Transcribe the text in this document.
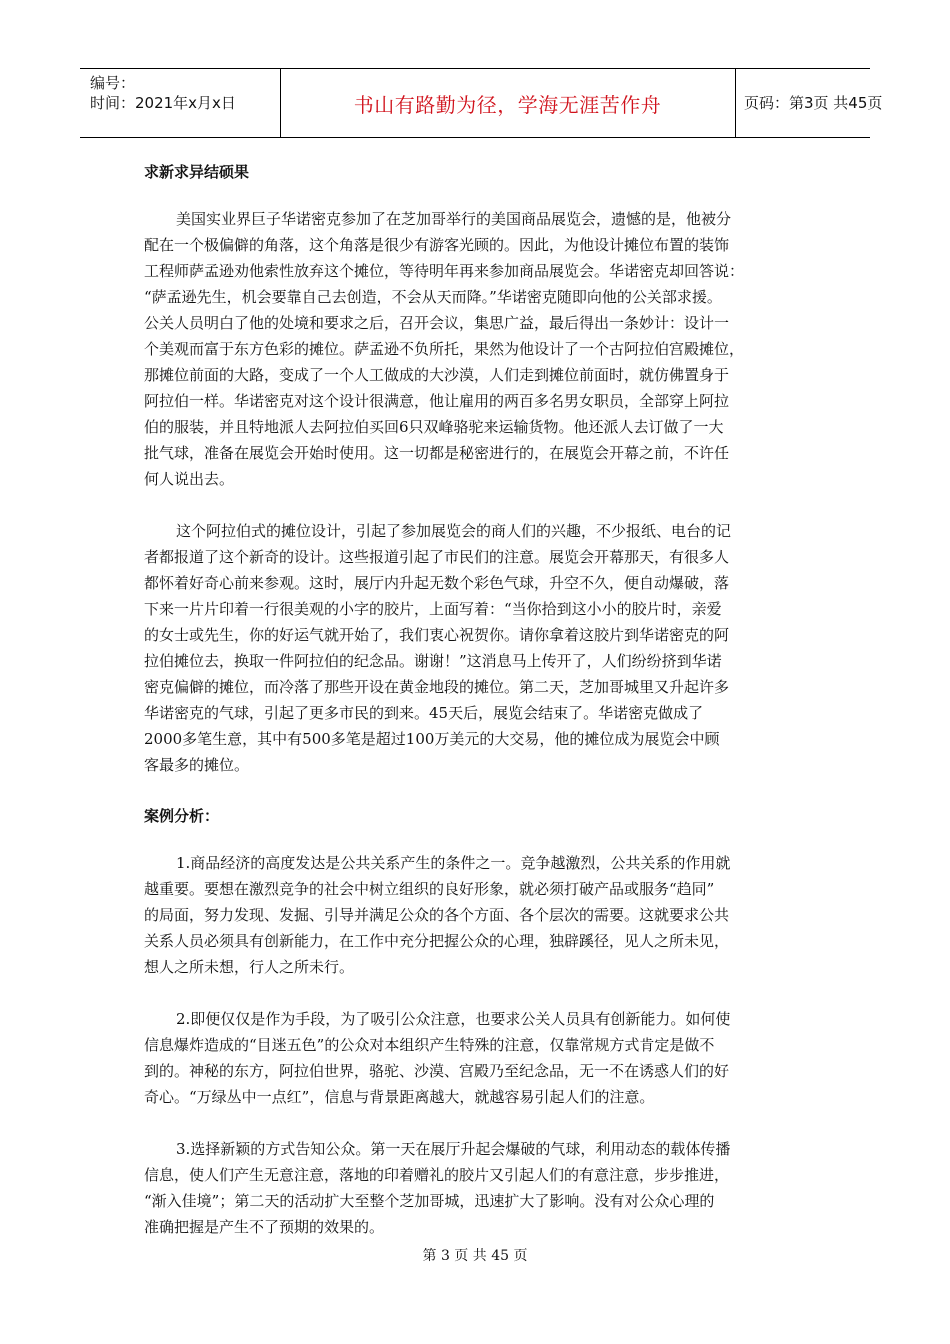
编号：
时间：2021年x月x日	书山有路勤为径，学海无涯苦作舟	页码：第3页 共45页

求新求异结硕果

美国实业界巨子华诺密克参加了在芝加哥举行的美国商品展览会，遗憾的是，他被分
配在一个极偏僻的角落，这个角落是很少有游客光顾的。因此，为他设计摊位布置的装饰
工程师萨孟逊劝他索性放弃这个摊位，等待明年再来参加商品展览会。华诺密克却回答说：
“萨孟逊先生，机会要靠自己去创造，不会从天而降。”华诺密克随即向他的公关部求援。
公关人员明白了他的处境和要求之后，召开会议，集思广益，最后得出一条妙计：设计一
个美观而富于东方色彩的摊位。萨孟逊不负所托，果然为他设计了一个古阿拉伯宫殿摊位，
那摊位前面的大路，变成了一个人工做成的大沙漠，人们走到摊位前面时，就仿佛置身于
阿拉伯一样。华诺密克对这个设计很满意，他让雇用的两百多名男女职员，全部穿上阿拉
伯的服装，并且特地派人去阿拉伯买回6只双峰骆驼来运输货物。他还派人去订做了一大
批气球，准备在展览会开始时使用。这一切都是秘密进行的，在展览会开幕之前，不许任
何人说出去。

这个阿拉伯式的摊位设计，引起了参加展览会的商人们的兴趣，不少报纸、电台的记
者都报道了这个新奇的设计。这些报道引起了市民们的注意。展览会开幕那天，有很多人
都怀着好奇心前来参观。这时，展厅内升起无数个彩色气球，升空不久，便自动爆破，落
下来一片片印着一行很美观的小字的胶片，上面写着：“当你拾到这小小的胶片时，亲爱
的女士或先生，你的好运气就开始了，我们衷心祝贺你。请你拿着这胶片到华诺密克的阿
拉伯摊位去，换取一件阿拉伯的纪念品。谢谢！”这消息马上传开了，人们纷纷挤到华诺
密克偏僻的摊位，而冷落了那些开设在黄金地段的摊位。第二天，芝加哥城里又升起许多
华诺密克的气球，引起了更多市民的到来。45天后，展览会结束了。华诺密克做成了
2000多笔生意，其中有500多笔是超过100万美元的大交易，他的摊位成为展览会中顾
客最多的摊位。

案例分析：

1.商品经济的高度发达是公共关系产生的条件之一。竞争越激烈，公共关系的作用就
越重要。要想在激烈竞争的社会中树立组织的良好形象，就必须打破产品或服务“趋同”
的局面，努力发现、发掘、引导并满足公众的各个方面、各个层次的需要。这就要求公共
关系人员必须具有创新能力，在工作中充分把握公众的心理，独辟蹊径，见人之所未见，
想人之所未想，行人之所未行。

2.即便仅仅是作为手段，为了吸引公众注意，也要求公关人员具有创新能力。如何使
信息爆炸造成的“目迷五色”的公众对本组织产生特殊的注意，仅靠常规方式肯定是做不
到的。神秘的东方，阿拉伯世界，骆驼、沙漠、宫殿乃至纪念品，无一不在诱惑人们的好
奇心。“万绿丛中一点红”，信息与背景距离越大，就越容易引起人们的注意。

3.选择新颖的方式告知公众。第一天在展厅升起会爆破的气球，利用动态的载体传播
信息，使人们产生无意注意，落地的印着赠礼的胶片又引起人们的有意注意，步步推进，
“渐入佳境”；第二天的活动扩大至整个芝加哥城，迅速扩大了影响。没有对公众心理的
准确把握是产生不了预期的效果的。

第 3 页 共 45 页
